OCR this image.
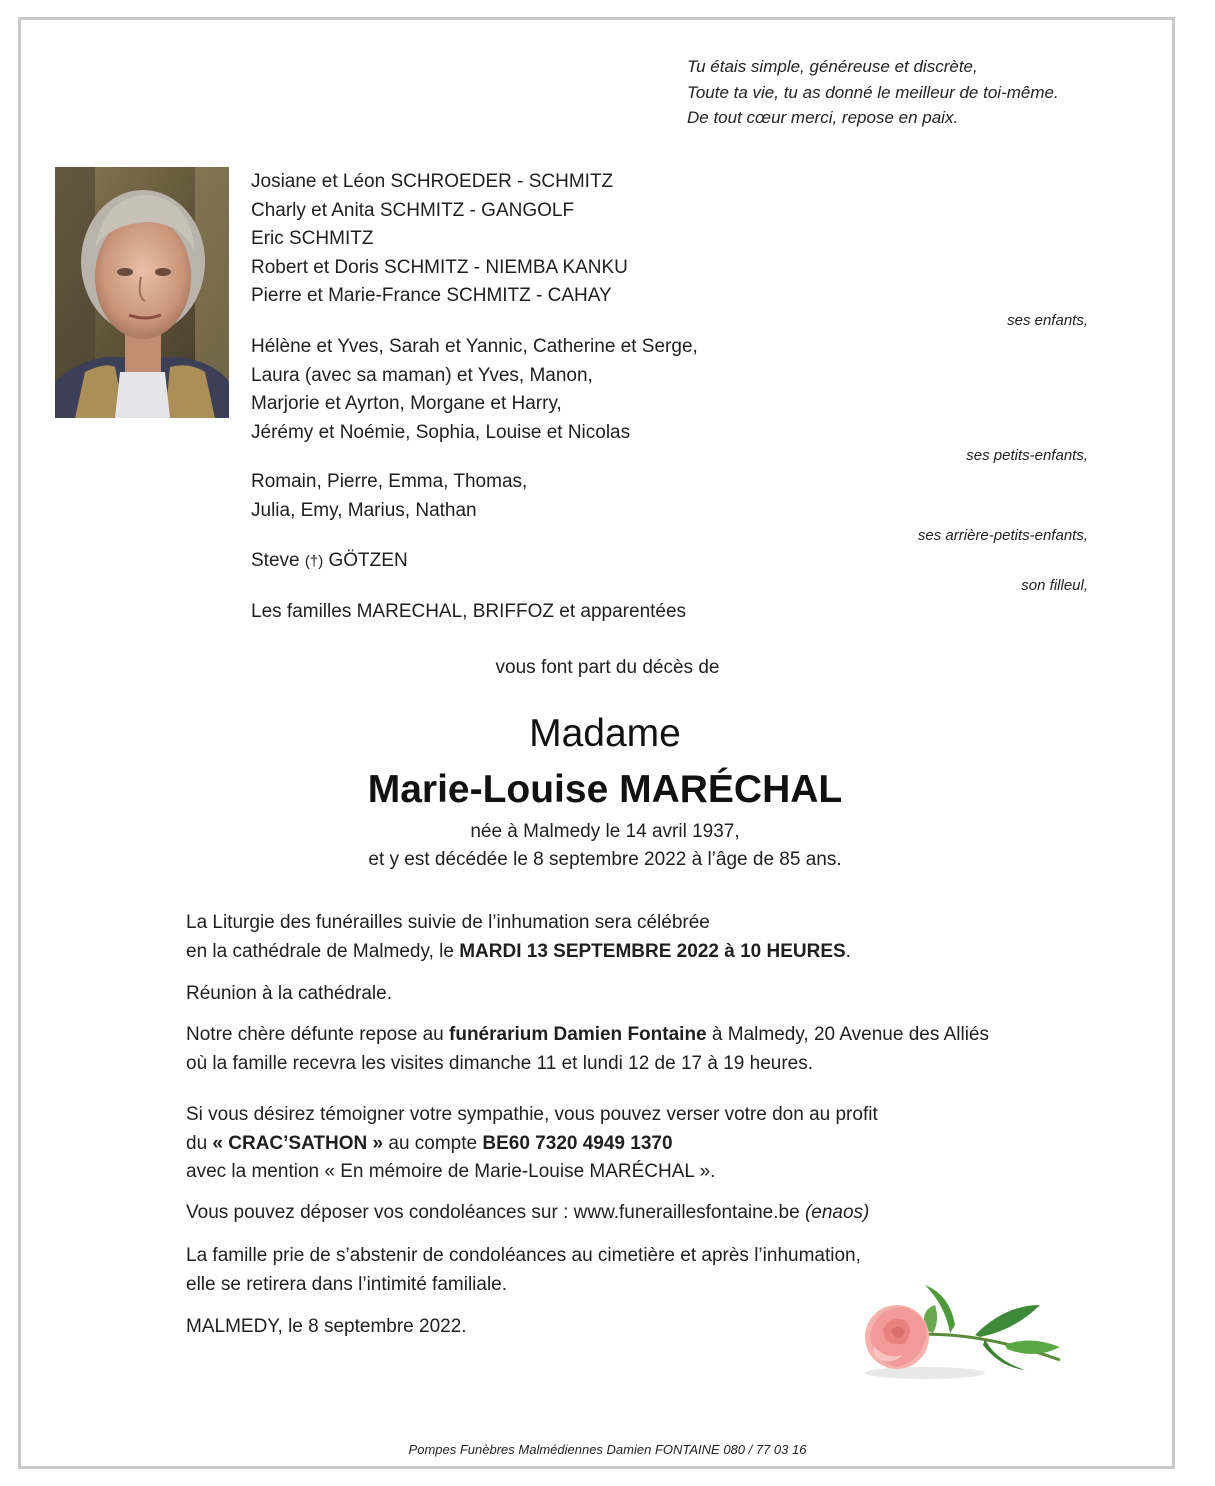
Tu étais simple, généreuse et discrète,
Toute ta vie, tu as donné le meilleur de toi-même.
De tout cœur merci, repose en paix.
Josiane et Léon SCHROEDER - SCHMITZ
Charly et Anita SCHMITZ - GANGOLF
Eric SCHMITZ
Robert et Doris SCHMITZ - NIEMBA KANKU
Pierre et Marie-France SCHMITZ - CAHAY
ses enfants,
Hélène et Yves, Sarah et Yannic, Catherine et Serge,
Laura (avec sa maman) et Yves, Manon,
Marjorie et Ayrton, Morgane et Harry,
Jérémy et Noémie, Sophia, Louise et Nicolas
ses petits-enfants,
Romain, Pierre, Emma, Thomas,
Julia, Emy, Marius, Nathan
ses arrière-petits-enfants,
Steve (†) GÖTZEN
son filleul,
Les familles MARECHAL, BRIFFOZ et apparentées
vous font part du décès de
Madame
Marie-Louise MARÉCHAL
née à Malmedy le 14 avril 1937,
et y est décédée le 8 septembre 2022 à l’âge de 85 ans.
La Liturgie des funérailles suivie de l’inhumation sera célébrée
en la cathédrale de Malmedy, le MARDI 13 SEPTEMBRE 2022 à 10 HEURES.
Réunion à la cathédrale.
Notre chère défunte repose au funérarium Damien Fontaine à Malmedy, 20 Avenue des Alliés
où la famille recevra les visites dimanche 11 et lundi 12 de 17 à 19 heures.
Si vous désirez témoigner votre sympathie, vous pouvez verser votre don au profit
du « CRAC’SATHON » au compte BE60 7320 4949 1370
avec la mention « En mémoire de Marie-Louise MARÉCHAL ».
Vous pouvez déposer vos condoléances sur : www.funeraillesfontaine.be (enaos)
La famille prie de s’abstenir de condoléances au cimetière et après l’inhumation,
elle se retirera dans l’intimité familiale.
MALMEDY, le 8 septembre 2022.
Pompes Funèbres Malmédiennes Damien FONTAINE 080 / 77 03 16
